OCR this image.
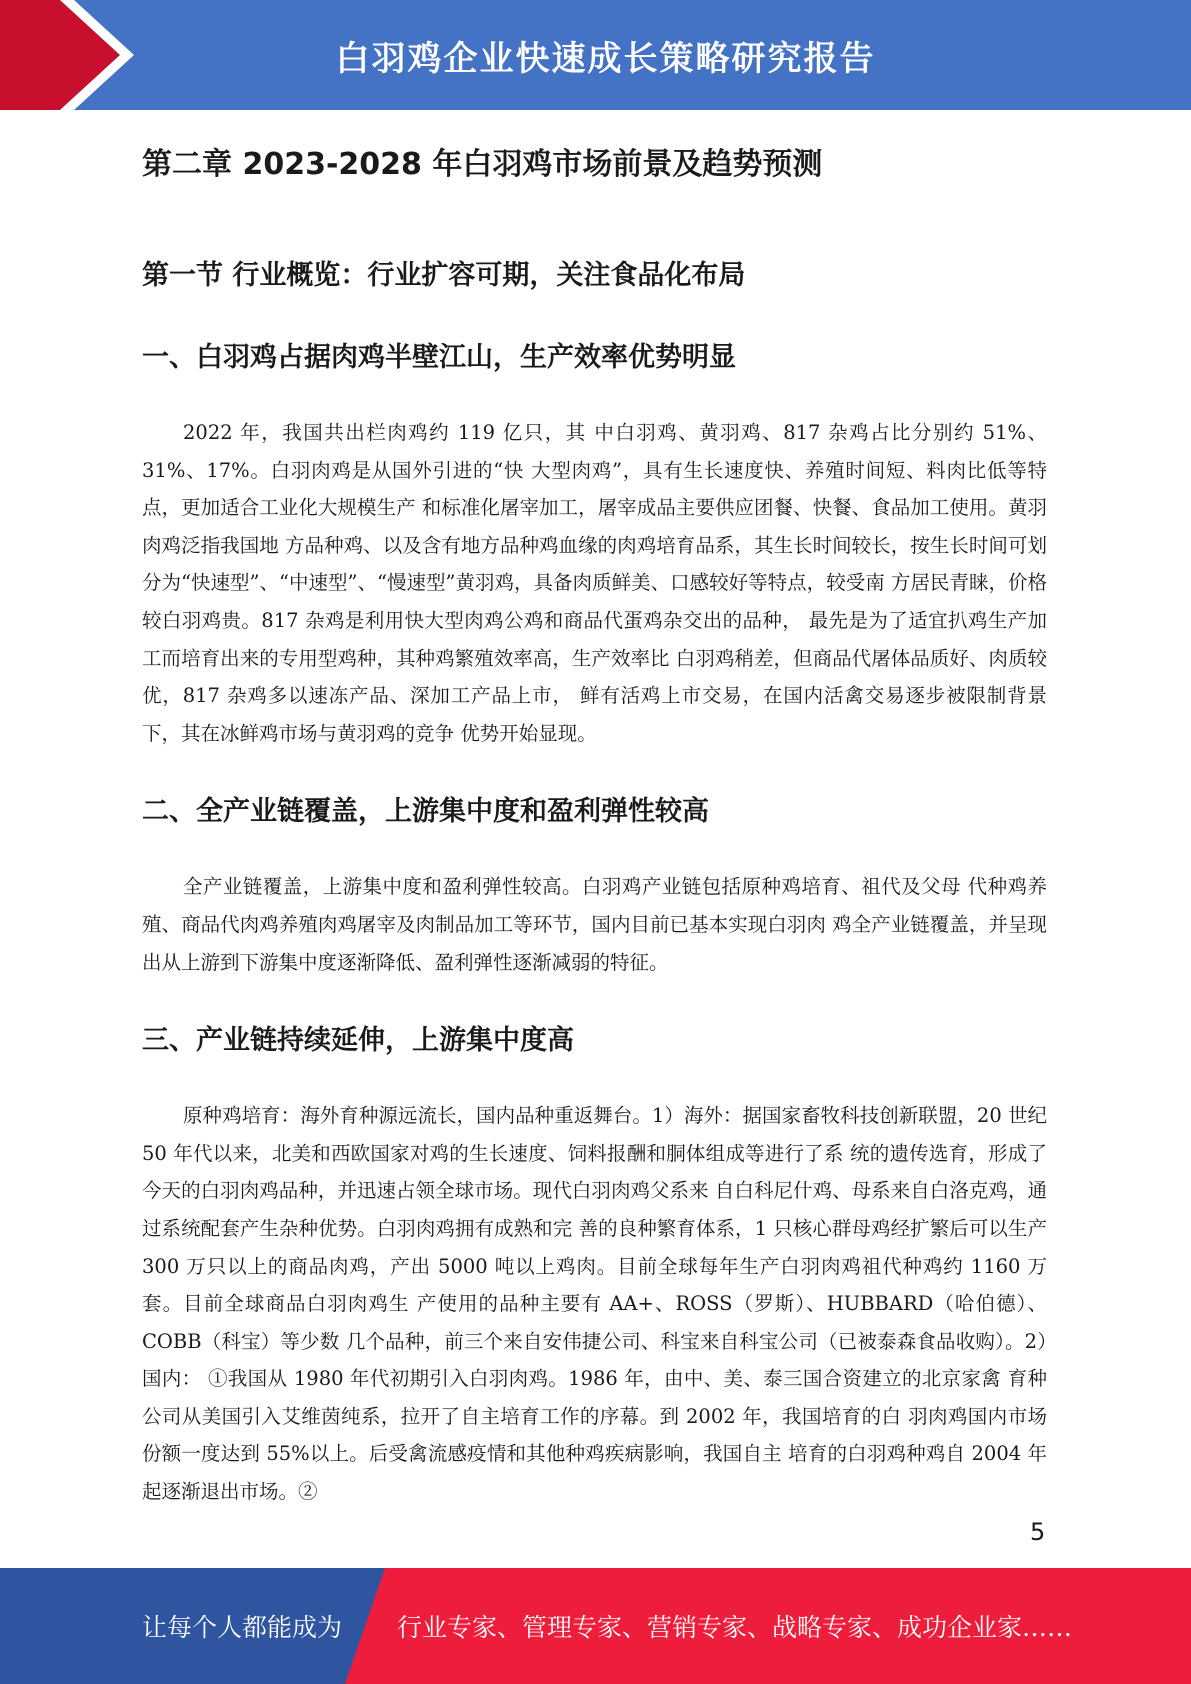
白羽鸡企业快速成长策略研究报告
第二章 2023-2028 年白羽鸡市场前景及趋势预测
第一节 行业概览：行业扩容可期，关注食品化布局
一、白羽鸡占据肉鸡半壁江山，生产效率优势明显

2022 年，我国共出栏肉鸡约 119 亿只，其 中白羽鸡、黄羽鸡、817 杂鸡占比分别约 51%、31%、17%。白羽肉鸡是从国外引进的“快 大型肉鸡”，具有生长速度快、养殖时间短、料肉比低等特点，更加适合工业化大规模生产 和标准化屠宰加工，屠宰成品主要供应团餐、快餐、食品加工使用。黄羽肉鸡泛指我国地 方品种鸡、以及含有地方品种鸡血缘的肉鸡培育品系，其生长时间较长，按生长时间可划 分为“快速型”、“中速型”、“慢速型”黄羽鸡，具备肉质鲜美、口感较好等特点，较受南 方居民青睐，价格较白羽鸡贵。817 杂鸡是利用快大型肉鸡公鸡和商品代蛋鸡杂交出的品种， 最先是为了适宜扒鸡生产加工而培育出来的专用型鸡种，其种鸡繁殖效率高，生产效率比 白羽鸡稍差，但商品代屠体品质好、肉质较优，817 杂鸡多以速冻产品、深加工产品上市， 鲜有活鸡上市交易，在国内活禽交易逐步被限制背景下，其在冰鲜鸡市场与黄羽鸡的竞争 优势开始显现。

二、全产业链覆盖，上游集中度和盈利弹性较高

全产业链覆盖，上游集中度和盈利弹性较高。白羽鸡产业链包括原种鸡培育、祖代及父母 代种鸡养殖、商品代肉鸡养殖肉鸡屠宰及肉制品加工等环节，国内目前已基本实现白羽肉 鸡全产业链覆盖，并呈现出从上游到下游集中度逐渐降低、盈利弹性逐渐减弱的特征。

三、产业链持续延伸，上游集中度高

原种鸡培育：海外育种源远流长，国内品种重返舞台。1）海外：据国家畜牧科技创新联盟，20 世纪 50 年代以来，北美和西欧国家对鸡的生长速度、饲料报酬和胴体组成等进行了系 统的遗传选育，形成了今天的白羽肉鸡品种，并迅速占领全球市场。现代白羽肉鸡父系来 自白科尼什鸡、母系来自白洛克鸡，通过系统配套产生杂种优势。白羽肉鸡拥有成熟和完 善的良种繁育体系，1 只核心群母鸡经扩繁后可以生产 300 万只以上的商品肉鸡，产出 5000 吨以上鸡肉。目前全球每年生产白羽肉鸡祖代种鸡约 1160 万套。目前全球商品白羽肉鸡生 产使用的品种主要有 AA+、ROSS（罗斯）、HUBBARD（哈伯德）、COBB（科宝）等少数 几个品种，前三个来自安伟捷公司、科宝来自科宝公司（已被泰森食品收购）。2）国内： ①我国从 1980 年代初期引入白羽肉鸡。1986 年，由中、美、泰三国合资建立的北京家禽 育种公司从美国引入艾维茵纯系，拉开了自主培育工作的序幕。到 2002 年，我国培育的白 羽肉鸡国内市场份额一度达到 55%以上。后受禽流感疫情和其他种鸡疾病影响，我国自主 培育的白羽鸡种鸡自 2004 年起逐渐退出市场。②

5
让每个人都能成为 行业专家、管理专家、营销专家、战略专家、成功企业家……
